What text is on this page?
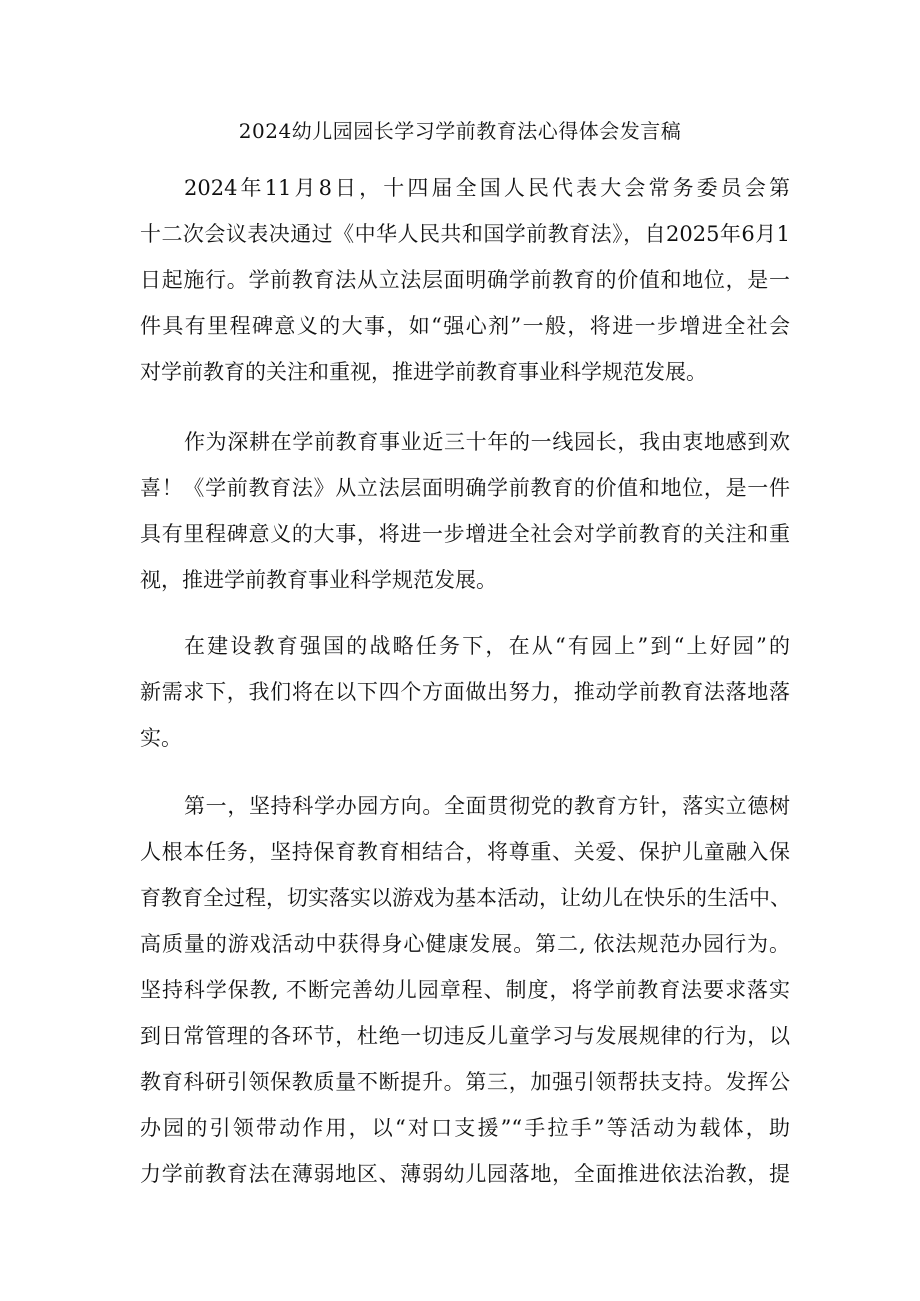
2024幼儿园园长学习学前教育法心得体会发言稿
2024年11月8日，十四届全国人民代表大会常务委员会第
十二次会议表决通过《中华人民共和国学前教育法》，自2025年6月1
日起施行。学前教育法从立法层面明确学前教育的价值和地位，是一
件具有里程碑意义的大事，如“强心剂”一般，将进一步增进全社会
对学前教育的关注和重视，推进学前教育事业科学规范发展。
作为深耕在学前教育事业近三十年的一线园长，我由衷地感到欢
喜！《学前教育法》从立法层面明确学前教育的价值和地位，是一件
具有里程碑意义的大事，将进一步增进全社会对学前教育的关注和重
视，推进学前教育事业科学规范发展。
在建设教育强国的战略任务下，在从“有园上”到“上好园”的
新需求下，我们将在以下四个方面做出努力，推动学前教育法落地落
实。
第一，坚持科学办园方向。全面贯彻党的教育方针，落实立德树
人根本任务，坚持保育教育相结合，将尊重、关爱、保护儿童融入保
育教育全过程，切实落实以游戏为基本活动，让幼儿在快乐的生活中、
高质量的游戏活动中获得身心健康发展。第二, 依法规范办园行为。
坚持科学保教, 不断完善幼儿园章程、制度，将学前教育法要求落实
到日常管理的各环节，杜绝一切违反儿童学习与发展规律的行为，以
教育科研引领保教质量不断提升。第三，加强引领帮扶支持。发挥公
办园的引领带动作用，以“对口支援”“手拉手”等活动为载体，助
力学前教育法在薄弱地区、薄弱幼儿园落地，全面推进依法治教，提
